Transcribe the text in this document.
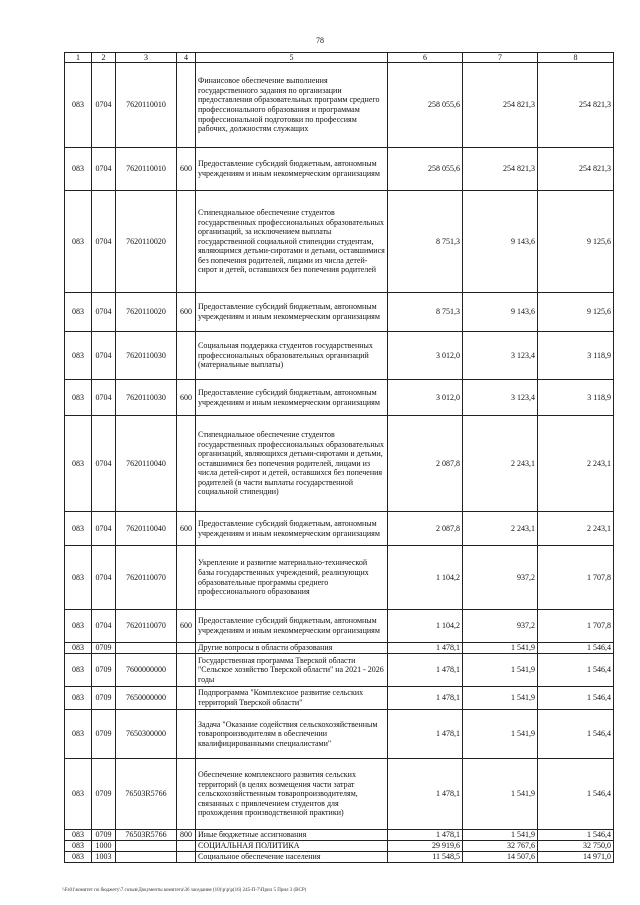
78
1	2	3	4	5	6	7	8
083	0704	7620110010		Финансовое обеспечение выполнения государственного задания по организации предоставления образовательных программ среднего профессионального образования и программам профессиональной подготовки по профессиям рабочих, должностям служащих	258 055,6	254 821,3	254 821,3
083	0704	7620110010	600	Предоставление субсидий бюджетным, автономным учреждениям и иным некоммерческим организациям	258 055,6	254 821,3	254 821,3
083	0704	7620110020		Стипендиальное обеспечение студентов государственных профессиональных образовательных организаций, за исключением выплаты государственной социальной стипендии студентам, являющимся детьми-сиротами и детьми, оставшимися без попечения родителей, лицами из числа детей-сирот и детей, оставшихся без попечения родителей	8 751,3	9 143,6	9 125,6
083	0704	7620110020	600	Предоставление субсидий бюджетным, автономным учреждениям и иным некоммерческим организациям	8 751,3	9 143,6	9 125,6
083	0704	7620110030		Социальная поддержка студентов государственных профессиональных образовательных организаций (материальные выплаты)	3 012,0	3 123,4	3 118,9
083	0704	7620110030	600	Предоставление субсидий бюджетным, автономным учреждениям и иным некоммерческим организациям	3 012,0	3 123,4	3 118,9
083	0704	7620110040		Стипендиальное обеспечение студентов государственных профессиональных образовательных организаций, являющихся детьми-сиротами и детьми, оставшимися без попечения родителей, лицами из числа детей-сирот и детей, оставшихся без попечения родителей (в части выплаты государственной социальной стипендии)	2 087,8	2 243,1	2 243,1
083	0704	7620110040	600	Предоставление субсидий бюджетным, автономным учреждениям и иным некоммерческим организациям	2 087,8	2 243,1	2 243,1
083	0704	7620110070		Укрепление и развитие материально-технической базы государственных учреждений, реализующих образовательные программы среднего профессионального образования	1 104,2	937,2	1 707,8
083	0704	7620110070	600	Предоставление субсидий бюджетным, автономным учреждениям и иным некоммерческим организациям	1 104,2	937,2	1 707,8
083	0709			Другие вопросы в области образования	1 478,1	1 541,9	1 546,4
083	0709	7600000000		Государственная программа Тверской области "Сельское хозяйство Тверской области" на 2021 - 2026 годы	1 478,1	1 541,9	1 546,4
083	0709	7650000000		Подпрограмма "Комплексное развитие сельских территорий Тверской области"	1 478,1	1 541,9	1 546,4
083	0709	7650300000		Задача "Оказание содействия сельскохозяйственным товаропроизводителям в обеспечении квалифицированными специалистами"	1 478,1	1 541,9	1 546,4
083	0709	76503R5766		Обеспечение комплексного развития сельских территорий (в целях возмещения части затрат сельскохозяйственным товаропроизводителям, связанных с привлечением студентов для прохождения производственной практики)	1 478,1	1 541,9	1 546,4
083	0709	76503R5766	800	Иные бюджетные ассигнования	1 478,1	1 541,9	1 546,4
083	1000			СОЦИАЛЬНАЯ ПОЛИТИКА	29 919,6	32 767,6	32 750,0
083	1003			Социальное обеспечение населения	11 548,5	14 507,6	14 971,0
\\Fs01\комитет по бюджету\7 созыв\Документы комитета\36 заседание (10)\р\р\р(16) 245-П-7\Прил 5 Прил 3 (ВСР)
